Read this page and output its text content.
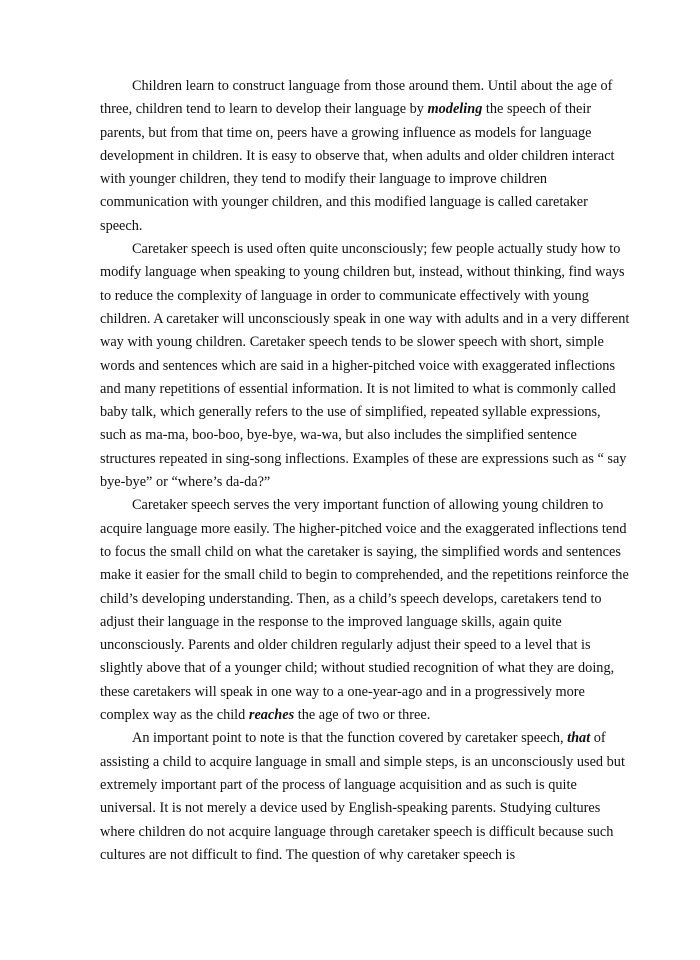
Children learn to construct language from those around them. Until about the age of three, children tend to learn to develop their language by modeling the speech of their parents, but from that time on, peers have a growing influence as models for language development in children. It is easy to observe that, when adults and older children interact with younger children, they tend to modify their language to improve children communication with younger children, and this modified language is called caretaker speech.

Caretaker speech is used often quite unconsciously; few people actually study how to modify language when speaking to young children but, instead, without thinking, find ways to reduce the complexity of language in order to communicate effectively with young children. A caretaker will unconsciously speak in one way with adults and in a very different way with young children. Caretaker speech tends to be slower speech with short, simple words and sentences which are said in a higher-pitched voice with exaggerated inflections and many repetitions of essential information. It is not limited to what is commonly called baby talk, which generally refers to the use of simplified, repeated syllable expressions, such as ma-ma, boo-boo, bye-bye, wa-wa, but also includes the simplified sentence structures repeated in sing-song inflections. Examples of these are expressions such as “ say bye-bye” or “where’s da-da?”

Caretaker speech serves the very important function of allowing young children to acquire language more easily. The higher-pitched voice and the exaggerated inflections tend to focus the small child on what the caretaker is saying, the simplified words and sentences make it easier for the small child to begin to comprehended, and the repetitions reinforce the child’s developing understanding. Then, as a child’s speech develops, caretakers tend to adjust their language in the response to the improved language skills, again quite unconsciously. Parents and older children regularly adjust their speed to a level that is slightly above that of a younger child; without studied recognition of what they are doing, these caretakers will speak in one way to a one-year-ago and in a progressively more complex way as the child reaches the age of two or three.

An important point to note is that the function covered by caretaker speech, that of assisting a child to acquire language in small and simple steps, is an unconsciously used but extremely important part of the process of language acquisition and as such is quite universal. It is not merely a device used by English-speaking parents. Studying cultures where children do not acquire language through caretaker speech is difficult because such cultures are not difficult to find. The question of why caretaker speech is
